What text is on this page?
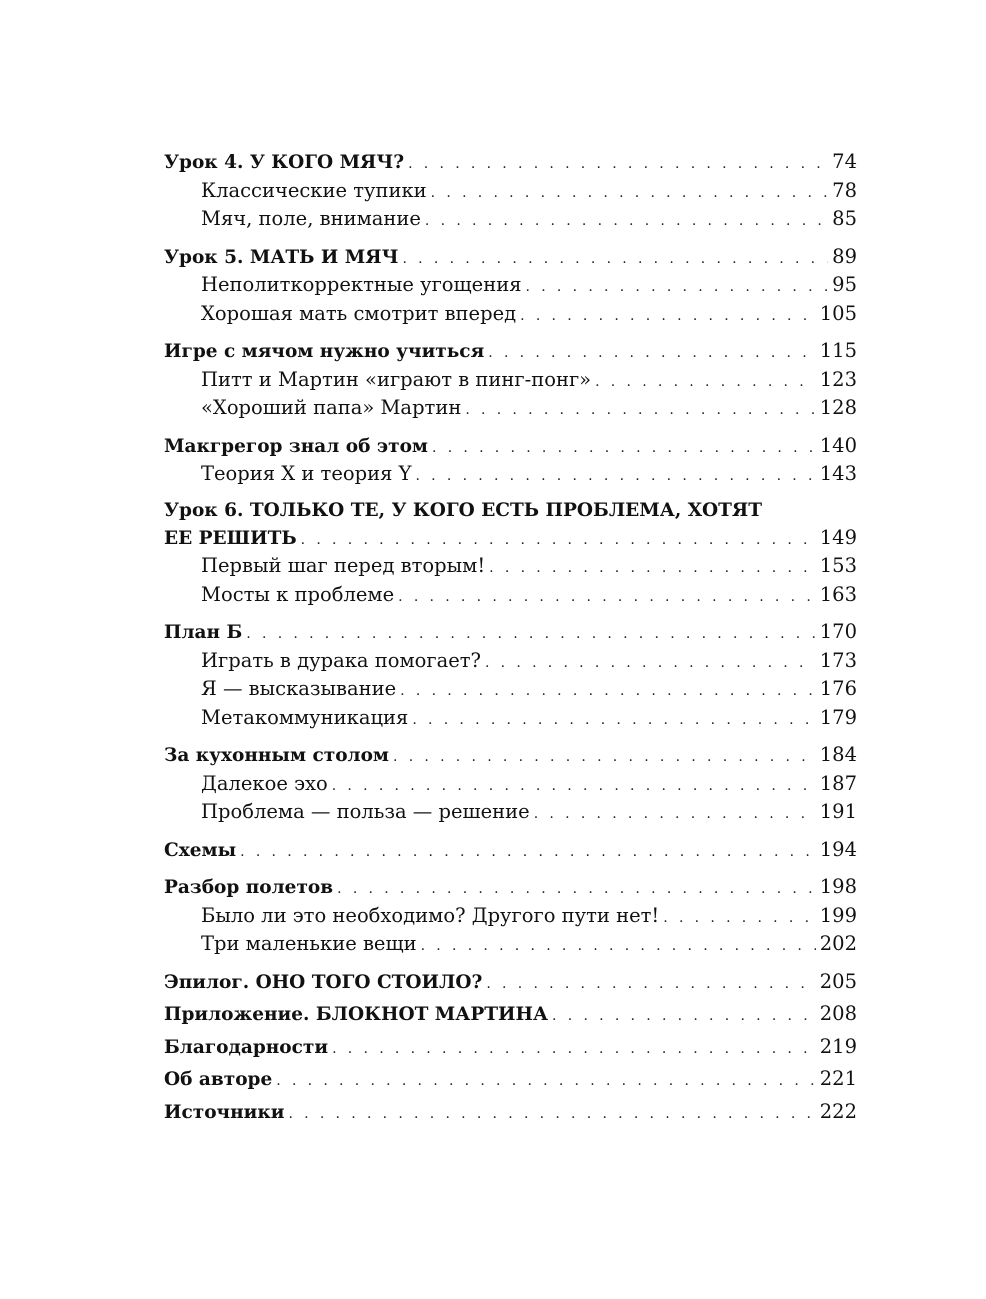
Урок 4. У КОГО МЯЧ? . . .	74
Классические тупики . . .	78
Мяч, поле, внимание . . .	85
Урок 5. МАТЬ И МЯЧ . . .	89
Неполиткорректные угощения . . .	95
Хорошая мать смотрит вперед . . .	105
Игре с мячом нужно учиться . . .	115
Питт и Мартин «играют в пинг-понг» . . .	123
«Хороший папа» Мартин . . .	128
Макгрегор знал об этом . . .	140
Теория X и теория Y . . .	143
Урок 6. ТОЛЬКО ТЕ, У КОГО ЕСТЬ ПРОБЛЕМА, ХОТЯТ
ЕЕ РЕШИТЬ . . .	149
Первый шаг перед вторым! . . .	153
Мосты к проблеме . . .	163
План Б . . .	170
Играть в дурака помогает? . . .	173
Я — высказывание . . .	176
Метакоммуникация . . .	179
За кухонным столом . . .	184
Далекое эхо . . .	187
Проблема — польза — решение . . .	191
Схемы . . .	194
Разбор полетов . . .	198
Было ли это необходимо? Другого пути нет! . . .	199
Три маленькие вещи . . .	202
Эпилог. ОНО ТОГО СТОИЛО? . . .	205
Приложение. БЛОКНОТ МАРТИНА . . .	208
Благодарности . . .	219
Об авторе . . .	221
Источники . . .	222
